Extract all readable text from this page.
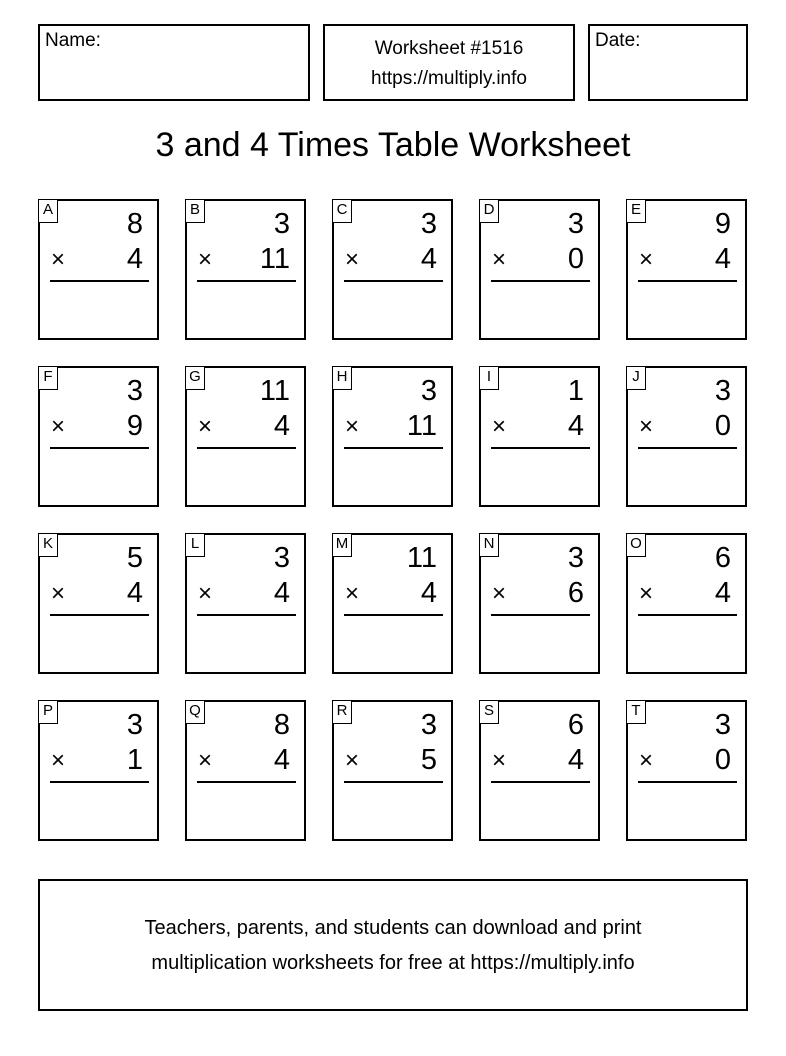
Name:	Worksheet #1516
https://multiply.info
Date:
3 and 4 Times Table Worksheet
A	8
× 4
B	3
× 11
C	3
× 4
D	3
× 0
E	9
× 4
F	3
× 9
G 11
× 4
H	3
× 11
I	1
× 4
J	3
× 0
K	5
× 4
L	3
× 4
M 11
× 4
N	3
× 6
O	6
× 4
P	3
× 1
Q	8
× 4
R	3
× 5
S	6
× 4
T	3
× 0
Teachers, parents, and students can download and print
multiplication worksheets for free at https://multiply.info
